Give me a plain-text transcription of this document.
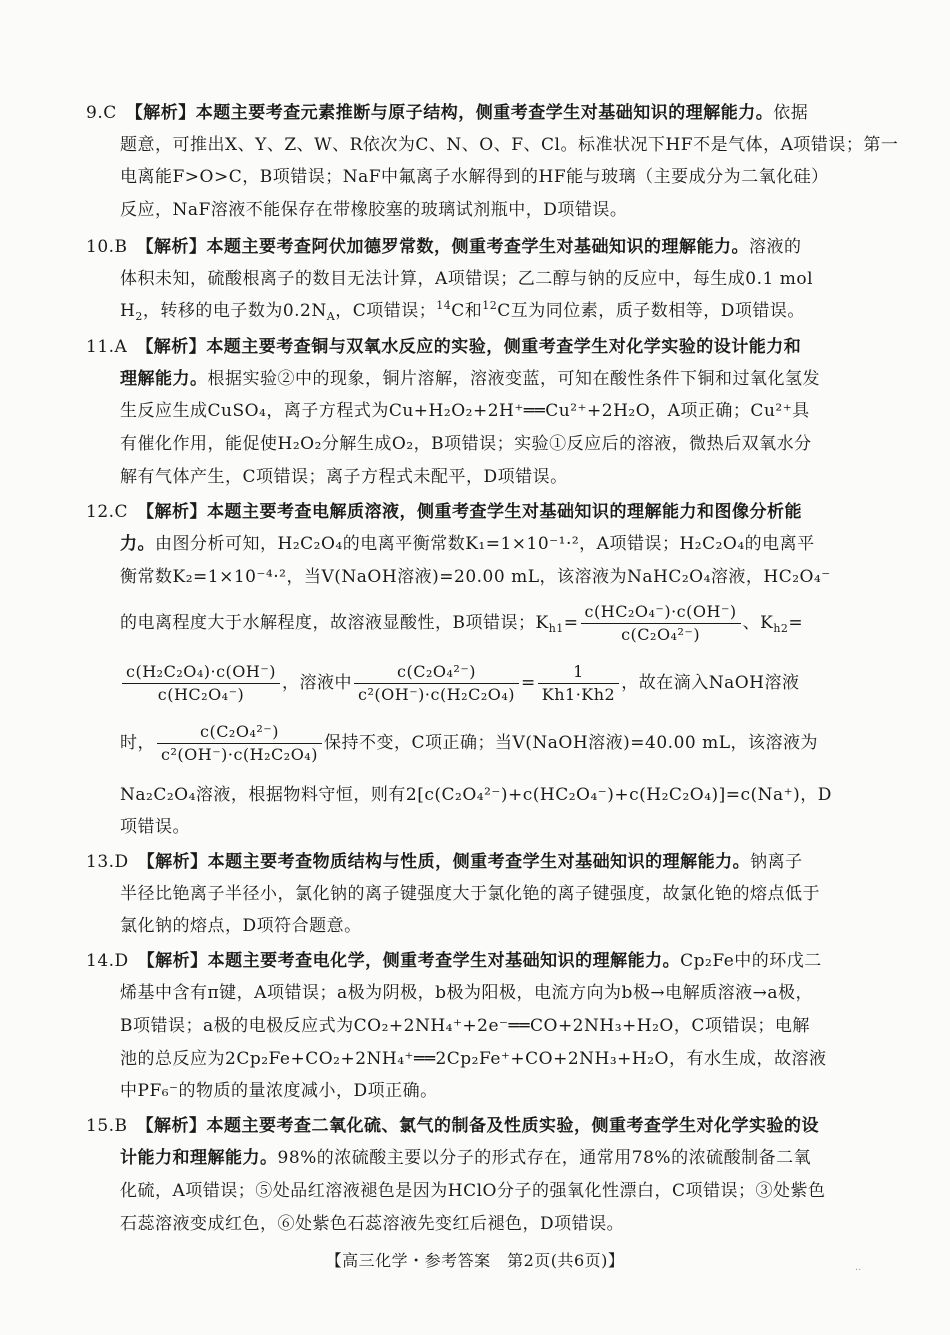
9.C　 【解析】本题主要考查元素推断与原子结构，侧重考查学生对基础知识的理解能力。依据
题意，可推出X、Y、Z、W、R依次为C、N、O、F、Cl。标准状况下HF不是气体，A项错误；第一
电离能F>O>C，B项错误；NaF中氟离子水解得到的HF能与玻璃（主要成分为二氧化硅）
反应，NaF溶液不能保存在带橡胶塞的玻璃试剂瓶中，D项错误。
10.B　 【解析】本题主要考查阿伏加德罗常数，侧重考查学生对基础知识的理解能力。溶液的
体积未知，硫酸根离子的数目无法计算，A项错误；乙二醇与钠的反应中，每生成0.1 mol
$H_2$，转移的电子数为$0.2N_A$，C项错误；$^{14}$C和$^{12}$C互为同位素，质子数相等，D项错误。
11.A　 【解析】本题主要考查铜与双氧水反应的实验，侧重考查学生对化学实验的设计能力和
理解能力。根据实验②中的现象，铜片溶解，溶液变蓝，可知在酸性条件下铜和过氧化氢发
生反应生成CuSO₄，离子方程式为Cu+H₂O₂+2H⁺══Cu²⁺+2H₂O，A项正确；Cu²⁺具
有催化作用，能促使H₂O₂分解生成O₂，B项错误；实验①反应后的溶液，微热后双氧水分
解有气体产生，C项错误；离子方程式未配平，D项错误。
12.C　 【解析】本题主要考查电解质溶液，侧重考查学生对基础知识的理解能力和图像分析能
力。由图分析可知，H₂C₂O₄的电离平衡常数K₁=1×10⁻¹·²，A项错误；H₂C₂O₄的电离平
衡常数K₂=1×10⁻⁴·²，当V(NaOH溶液)=20.00 mL，该溶液为NaHC₂O₄溶液，HC₂O₄⁻
的电离程度大于水解程度，故溶液显酸性，B项错误；$K_{h1}= \frac{\text{c(HC₂O₄⁻)·c(OH⁻)}}{\text{c(C₂O₄²⁻)}}$ 、$K_{h2}=$
$\frac{\text{c(H₂C₂O₄)·c(OH⁻)}}{\text{c(HC₂O₄⁻)}}$ ，溶液中 $\frac{\text{c(C₂O₄²⁻)}}{\text{c²(OH⁻)·c(H₂C₂O₄)}} = \frac{1}{Kh1\cdot Kh2}$ ，故在滴入NaOH溶液
时， $\frac{\text{c(C₂O₄²⁻)}}{\text{c²(OH⁻)·c(H₂C₂O₄)}}$ 保持不变，C项正确；当V(NaOH溶液)=40.00 mL，该溶液为
Na₂C₂O₄溶液，根据物料守恒，则有2[c(C₂O₄²⁻)+c(HC₂O₄⁻)+c(H₂C₂O₄)]=c(Na⁺)，D
项错误。
13.D　 【解析】本题主要考查物质结构与性质，侧重考查学生对基础知识的理解能力。钠离子
半径比铯离子半径小，氯化钠的离子键强度大于氯化铯的离子键强度，故氯化铯的熔点低于
氯化钠的熔点，D项符合题意。
14.D　 【解析】本题主要考查电化学，侧重考查学生对基础知识的理解能力。Cp₂Fe中的环戊二
烯基中含有π键，A项错误；a极为阴极，b极为阳极，电流方向为b极→电解质溶液→a极，
B项错误；a极的电极反应式为CO₂+2NH₄⁺+2e⁻══CO+2NH₃+H₂O，C项错误；电解
池的总反应为2Cp₂Fe+CO₂+2NH₄⁺══2Cp₂Fe⁺+CO+2NH₃+H₂O，有水生成，故溶液
中PF₆⁻的物质的量浓度减小，D项正确。
15.B　 【解析】本题主要考查二氧化硫、氯气的制备及性质实验，侧重考查学生对化学实验的设
计能力和理解能力。98%的浓硫酸主要以分子的形式存在，通常用78%的浓硫酸制备二氧
化硫，A项错误；⑤处品红溶液褪色是因为HClO分子的强氧化性漂白，C项错误；③处紫色
石蕊溶液变成红色，⑥处紫色石蕊溶液先变红后褪色，D项错误。
【高三化学・参考答案　第2页(共6页)】	..
